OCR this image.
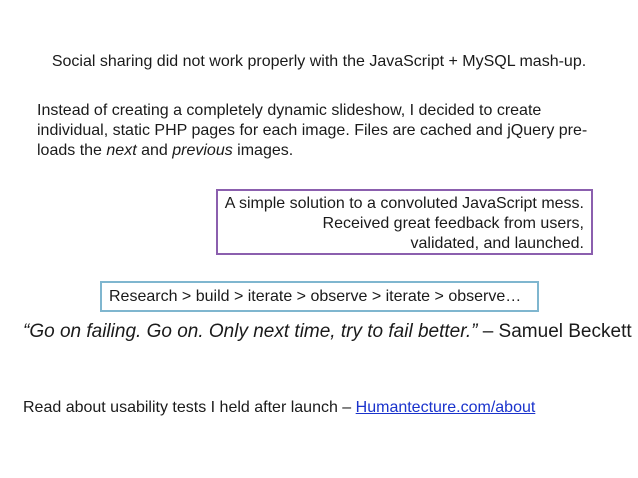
Social sharing did not work properly with the JavaScript + MySQL mash-up.
Instead of creating a completely dynamic slideshow, I decided to create
individual, static PHP pages for each image. Files are cached and jQuery pre-
loads the next and previous images.
A simple solution to a convoluted JavaScript mess.
Received great feedback from users,
validated, and launched.
Research > build > iterate > observe > iterate > observe…
“Go on failing. Go on. Only next time, try to fail better.” – Samuel Beckett
Read about usability tests I held after launch – Humantecture.com/about
